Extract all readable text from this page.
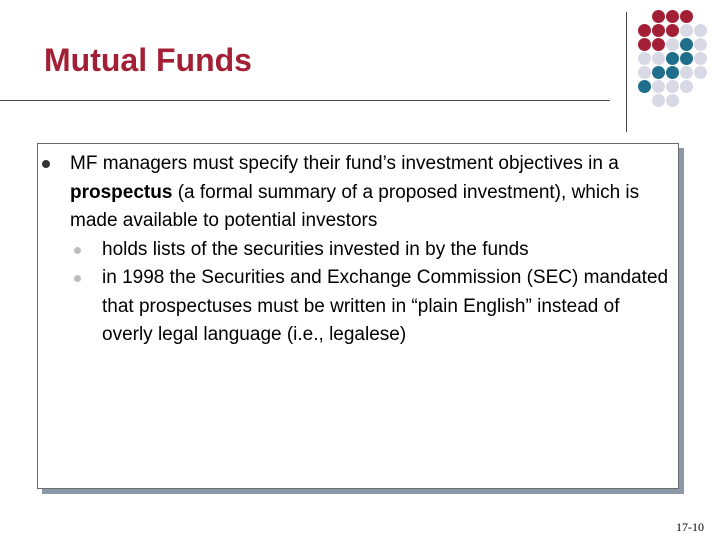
Mutual Funds
MF managers must specify their fund’s investment objectives in a prospectus (a formal summary of a proposed investment), which is made available to potential investors
holds lists of the securities invested in by the funds
in 1998 the Securities and Exchange Commission (SEC) mandated that prospectuses must be written in “plain English” instead of overly legal language (i.e., legalese)
17-10
